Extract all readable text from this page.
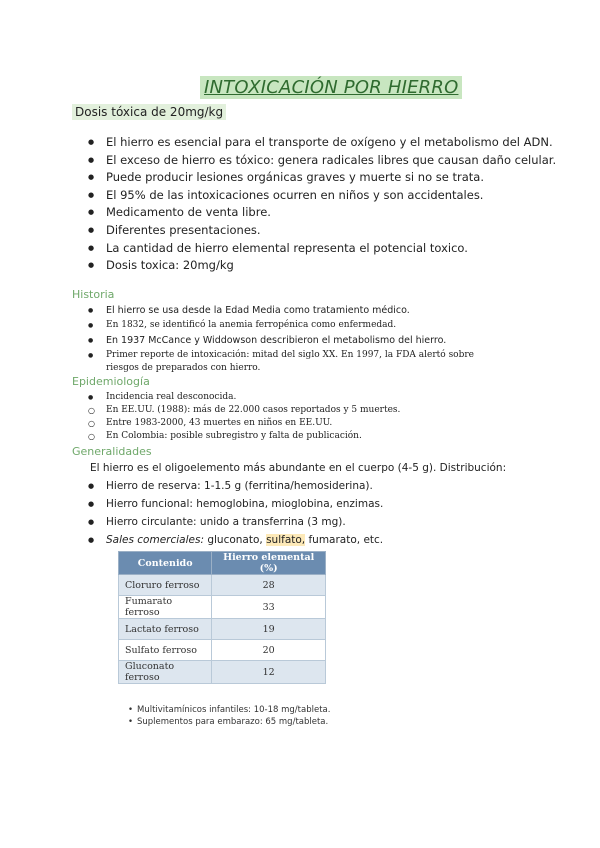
INTOXICACIÓN POR HIERRO
Dosis tóxica de 20mg/kg
● El hierro es esencial para el transporte de oxígeno y el metabolismo del ADN.
● El exceso de hierro es tóxico: genera radicales libres que causan daño celular.
● Puede producir lesiones orgánicas graves y muerte si no se trata.
● El 95% de las intoxicaciones ocurren en niños y son accidentales.
● Medicamento de venta libre.
● Diferentes presentaciones.
● La cantidad de hierro elemental representa el potencial toxico.
● Dosis toxica: 20mg/kg
Historia
● El hierro se usa desde la Edad Media como tratamiento médico.
● En 1832, se identificó la anemia ferropénica como enfermedad.
● En 1937 McCance y Widdowson describieron el metabolismo del hierro.
● Primer reporte de intoxicación: mitad del siglo XX. En 1997, la FDA alertó sobre riesgos de preparados con hierro.
Epidemiología
● Incidencia real desconocida.
○ En EE.UU. (1988): más de 22.000 casos reportados y 5 muertes.
○ Entre 1983-2000, 43 muertes en niños en EE.UU.
○ En Colombia: posible subregistro y falta de publicación.
Generalidades
El hierro es el oligoelemento más abundante en el cuerpo (4-5 g). Distribución:
● Hierro de reserva: 1-1.5 g (ferritina/hemosiderina).
● Hierro funcional: hemoglobina, mioglobina, enzimas.
● Hierro circulante: unido a transferrina (3 mg).
● Sales comerciales: gluconato, sulfato, fumarato, etc.
Contenido	Hierro elemental (%)
Cloruro ferroso	28
Fumarato ferroso	33
Lactato ferroso	19
Sulfato ferroso	20
Gluconato ferroso	12
• Multivitamínicos infantiles: 10-18 mg/tableta.
• Suplementos para embarazo: 65 mg/tableta.
